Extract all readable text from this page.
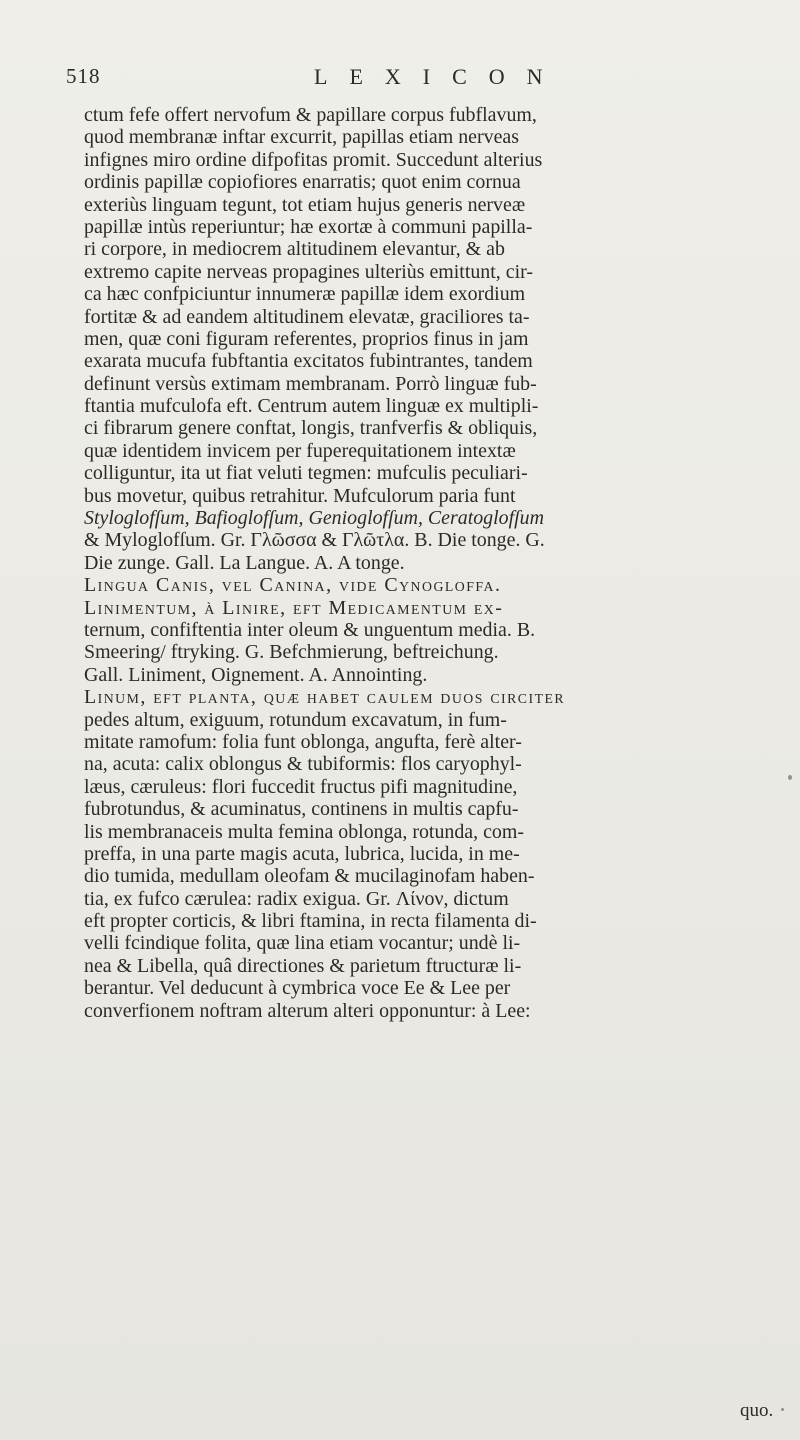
518	LEXICON
ctum fefe offert nervofum & papillare corpus fubflavum,
quod membranæ inftar excurrit, papillas etiam nerveas
infignes miro ordine difpofitas promit. Succedunt alterius
ordinis papillæ copiofiores enarratis; quot enim cornua
exteriùs linguam tegunt, tot etiam hujus generis nerveæ
papillæ intùs reperiuntur; hæ exortæ à communi papilla-
ri corpore, in mediocrem altitudinem elevantur, & ab
extremo capite nerveas propagines ulteriùs emittunt, cir-
ca hæc confpiciuntur innumeræ papillæ idem exordium
fortitæ & ad eandem altitudinem elevatæ, graciliores ta-
men, quæ coni figuram referentes, proprios finus in jam
exarata mucufa fubftantia excitatos fubintrantes, tandem
definunt versùs extimam membranam. Porrò linguæ fub-
ftantia mufculofa eft. Centrum autem linguæ ex multipli-
ci fibrarum genere conftat, longis, tranfverfis & obliquis,
quæ identidem invicem per fuperequitationem intextæ
colliguntur, ita ut fiat veluti tegmen: mufculis peculiari-
bus movetur, quibus retrahitur. Mufculorum paria funt
Styloglofſum, Bafioglofſum, Genioglofſum, Ceratoglofſum
& Myloglofſum. Gr. Γλῶσσα & Γλῶτλα. B. Die tonge. G.
Die zunge. Gall. La Langue. A. A tonge.
Lingua Canis, vel Canina, vide Cynogloffa.
Linimentum, à Linire, eft Medicamentum ex-
ternum, confiftentia inter oleum & unguentum media. B.
Smeering/ ftryking. G. Befchmierung, beftreichung.
Gall. Liniment, Oignement. A. Annointing.
Linum, eft planta, quæ habet caulem duos circiter
pedes altum, exiguum, rotundum excavatum, in fum-
mitate ramofum: folia funt oblonga, angufta, ferè alter-
na, acuta: calix oblongus & tubiformis: flos caryophyl-
læus, cæruleus: flori fuccedit fructus pifi magnitudine,
fubrotundus, & acuminatus, continens in multis capfu-
lis membranaceis multa femina oblonga, rotunda, com-
preffa, in una parte magis acuta, lubrica, lucida, in me-
dio tumida, medullam oleofam & mucilaginofam haben-
tia, ex fufco cærulea: radix exigua. Gr. Λίνον, dictum
eft propter corticis, & libri ftamina, in recta filamenta di-
velli fcindique folita, quæ lina etiam vocantur; undè li-
nea & Libella, quâ directiones & parietum ftructuræ li-
berantur. Vel deducunt à cymbrica voce Ee & Lee per
converfionem noftram alterum alteri opponuntur: à Lee:
quo.
